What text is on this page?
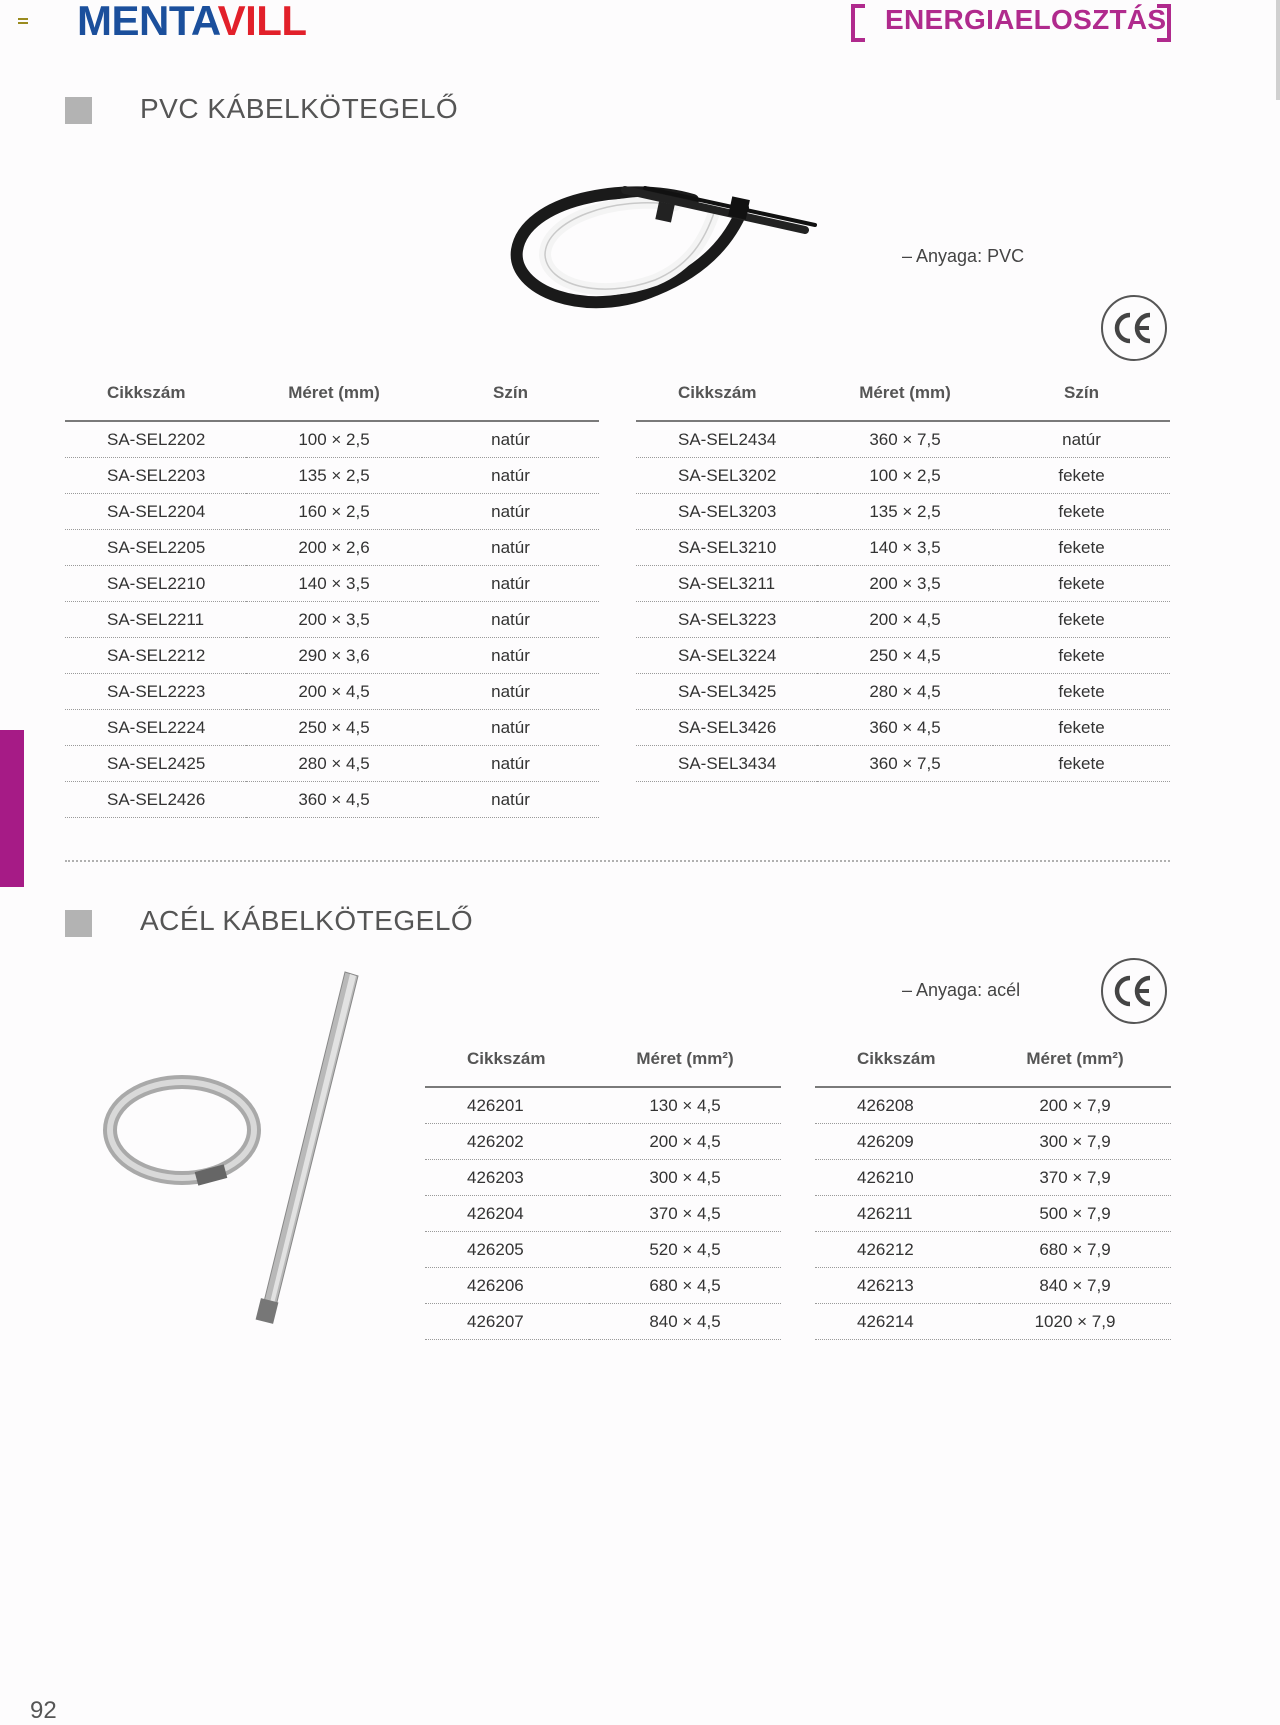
MENTAVILL	ENERGIAELOSZTÁS
PVC KÁBELKÖTEGELŐ
– Anyaga: PVC
Cikkszám	Méret (mm)	Szín
SA-SEL2202	100 × 2,5	natúr
SA-SEL2203	135 × 2,5	natúr
SA-SEL2204	160 × 2,5	natúr
SA-SEL2205	200 × 2,6	natúr
SA-SEL2210	140 × 3,5	natúr
SA-SEL2211	200 × 3,5	natúr
SA-SEL2212	290 × 3,6	natúr
SA-SEL2223	200 × 4,5	natúr
SA-SEL2224	250 × 4,5	natúr
SA-SEL2425	280 × 4,5	natúr
SA-SEL2426	360 × 4,5	natúr
Cikkszám	Méret (mm)	Szín
SA-SEL2434	360 × 7,5	natúr
SA-SEL3202	100 × 2,5	fekete
SA-SEL3203	135 × 2,5	fekete
SA-SEL3210	140 × 3,5	fekete
SA-SEL3211	200 × 3,5	fekete
SA-SEL3223	200 × 4,5	fekete
SA-SEL3224	250 × 4,5	fekete
SA-SEL3425	280 × 4,5	fekete
SA-SEL3426	360 × 4,5	fekete
SA-SEL3434	360 × 7,5	fekete
ACÉL KÁBELKÖTEGELŐ
– Anyaga: acél
Cikkszám	Méret (mm²)
426201	130 × 4,5
426202	200 × 4,5
426203	300 × 4,5
426204	370 × 4,5
426205	520 × 4,5
426206	680 × 4,5
426207	840 × 4,5
Cikkszám	Méret (mm²)
426208	200 × 7,9
426209	300 × 7,9
426210	370 × 7,9
426211	500 × 7,9
426212	680 × 7,9
426213	840 × 7,9
426214	1020 × 7,9
92
